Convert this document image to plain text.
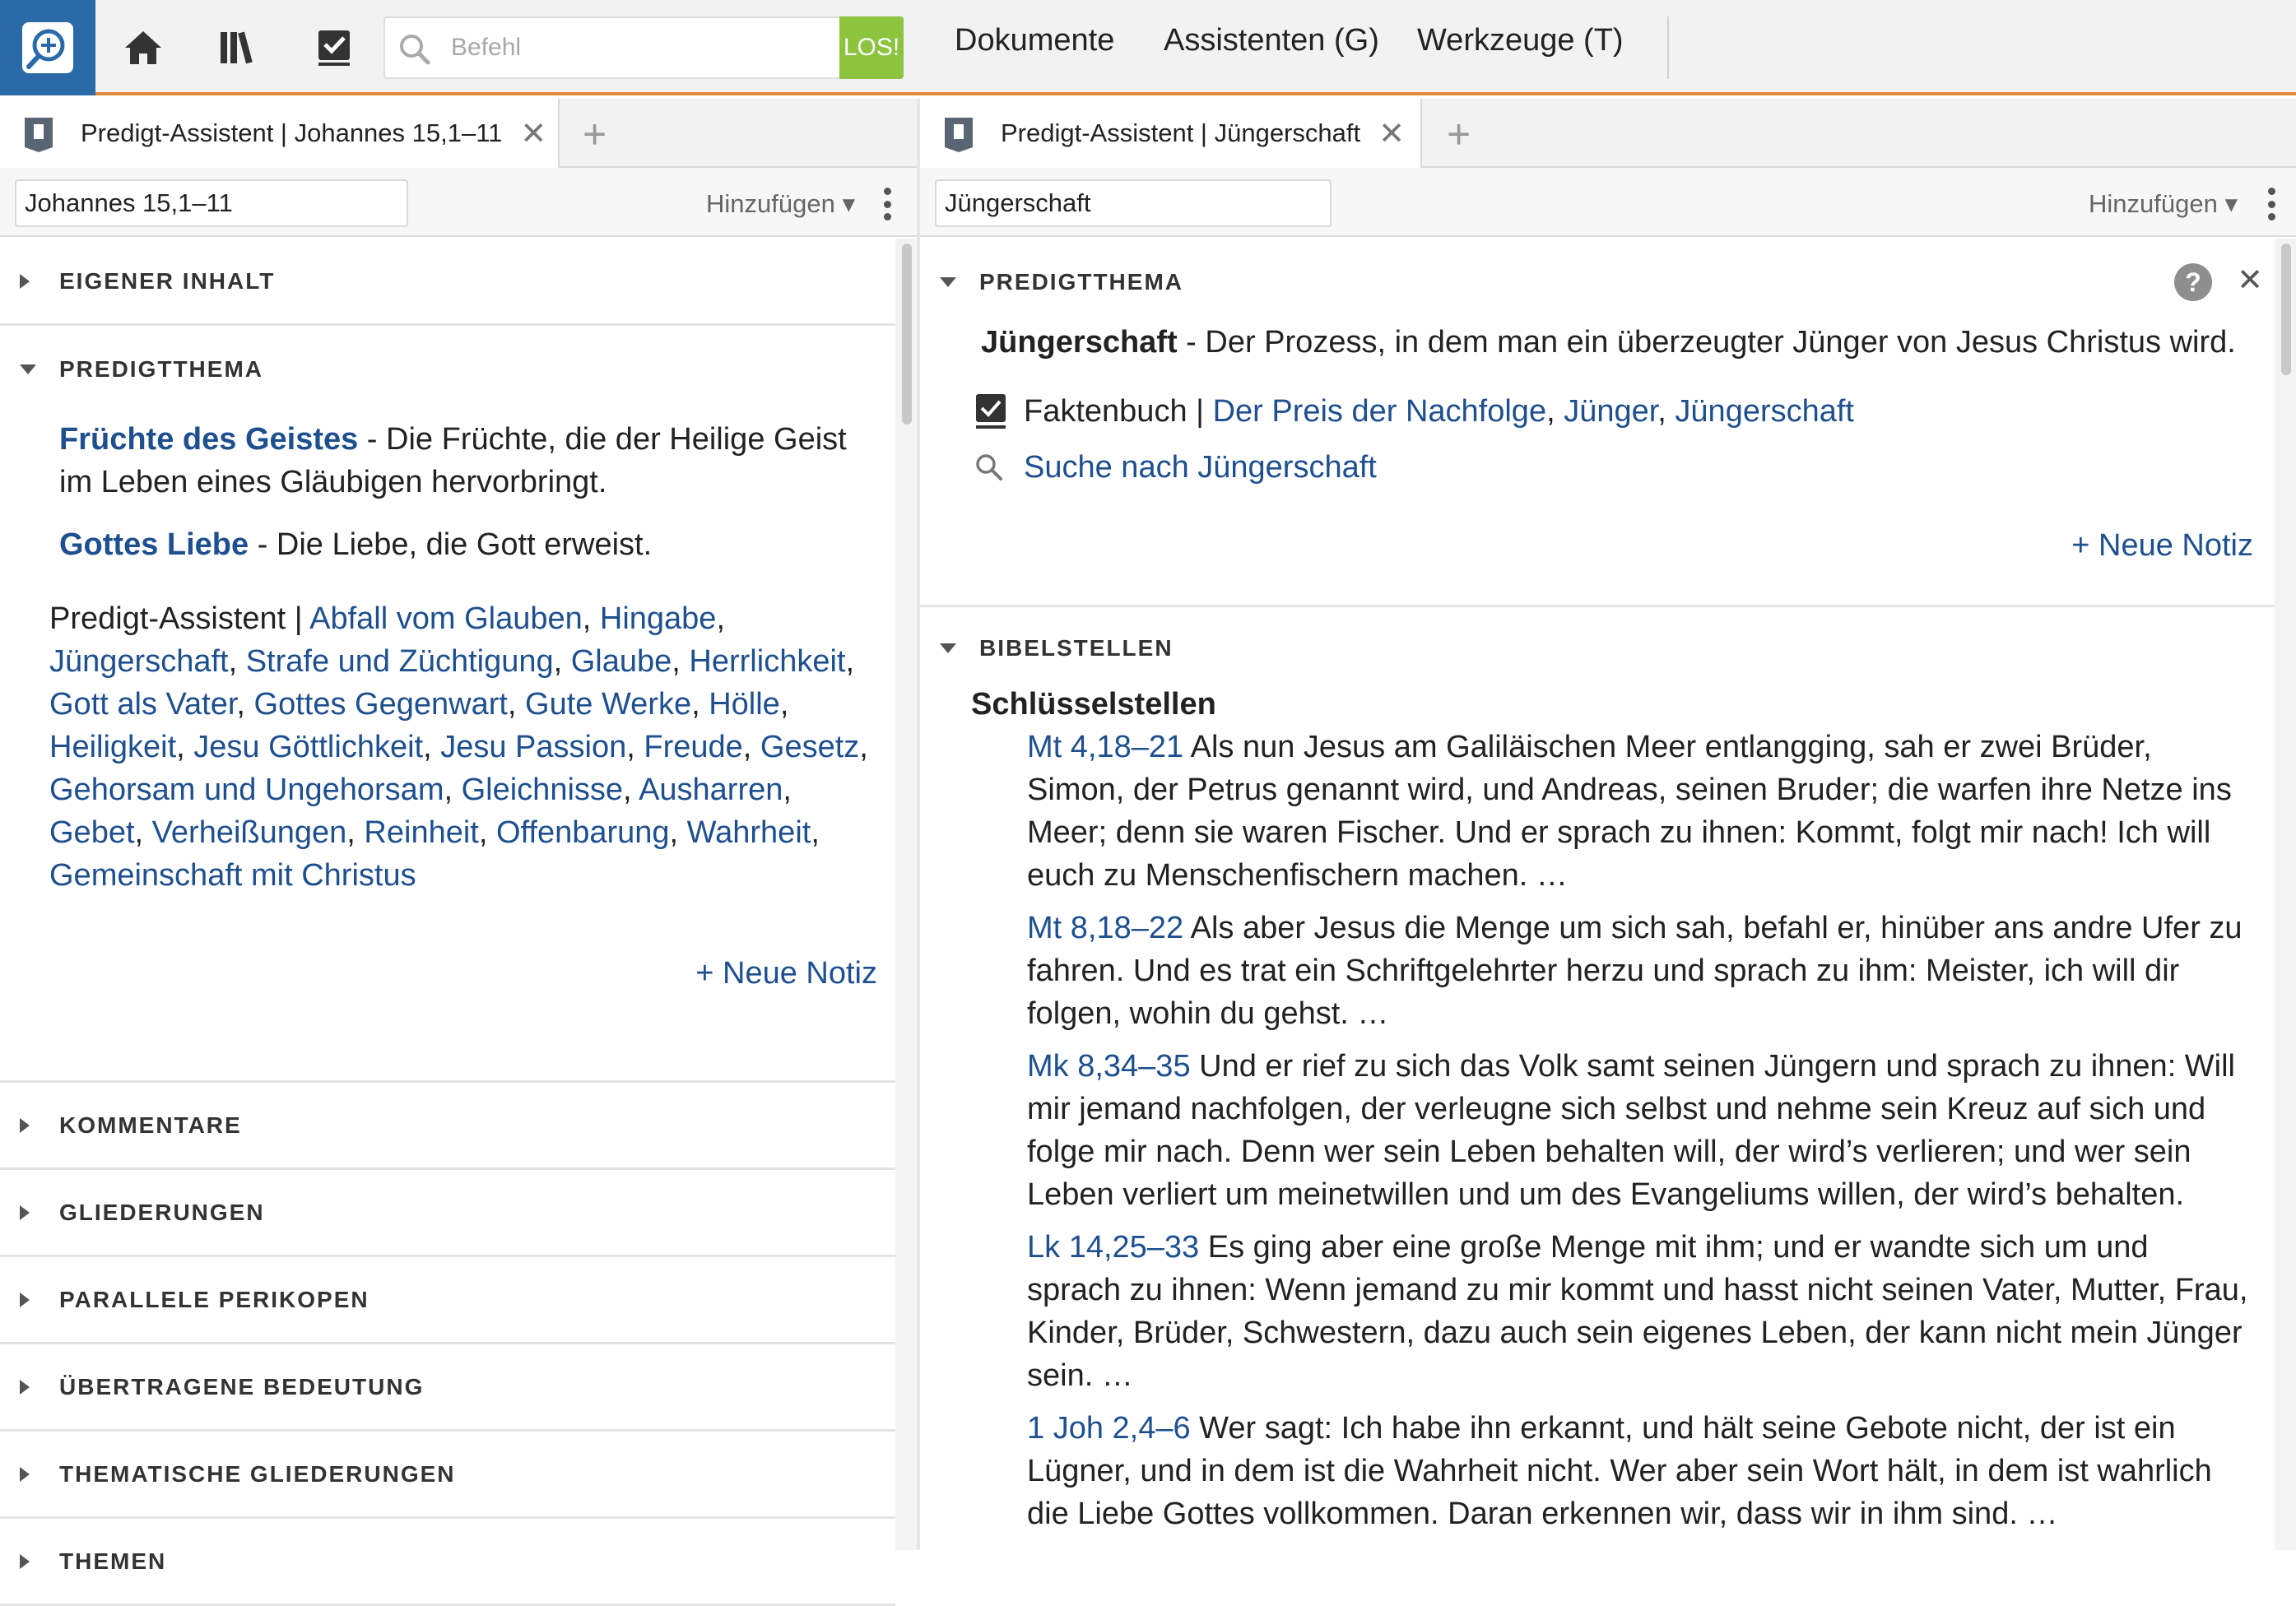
Befehl
LOS! Dokumente Assistenten (G) Werkzeuge (T)
Predigt-Assistent | Johannes 15,1–11 ✕ +
Johannes 15,1–11
Hinzufügen ▾
EIGENER INHALT
PREDIGTTHEMA

Früchte des Geistes - Die Früchte, die der Heilige Geist im Leben eines Gläubigen hervorbringt.

Gottes Liebe - Die Liebe, die Gott erweist.

Predigt-Assistent | Abfall vom Glauben, Hingabe, Jüngerschaft, Strafe und Züchtigung, Glaube, Herrlichkeit, Gott als Vater, Gottes Gegenwart, Gute Werke, Hölle, Heiligkeit, Jesu Göttlichkeit, Jesu Passion, Freude, Gesetz, Gehorsam und Ungehorsam, Gleichnisse, Ausharren, Gebet, Verheißungen, Reinheit, Offenbarung, Wahrheit, Gemeinschaft mit Christus

+ Neue Notiz
KOMMENTARE
GLIEDERUNGEN
PARALLELE PERIKOPEN
ÜBERTRAGENE BEDEUTUNG
THEMATISCHE GLIEDERUNGEN
THEMEN
Predigt-Assistent | Jüngerschaft ✕ +
Jüngerschaft
Hinzufügen ▾
PREDIGTTHEMA	?	✕

Jüngerschaft - Der Prozess, in dem man ein überzeugter Jünger von Jesus Christus wird.

Faktenbuch | Der Preis der Nachfolge, Jünger, Jüngerschaft

Suche nach Jüngerschaft
+ Neue Notiz
BIBELSTELLEN
Schlüsselstellen

Mt 4,18–21 Als nun Jesus am Galiläischen Meer entlangging, sah er zwei Brüder, Simon, der Petrus genannt wird, und Andreas, seinen Bruder; die warfen ihre Netze ins Meer; denn sie waren Fischer. Und er sprach zu ihnen: Kommt, folgt mir nach! Ich will euch zu Menschenfischern machen. …

Mt 8,18–22 Als aber Jesus die Menge um sich sah, befahl er, hinüber ans andre Ufer zu fahren. Und es trat ein Schriftgelehrter herzu und sprach zu ihm: Meister, ich will dir folgen, wohin du gehst. …

Mk 8,34–35 Und er rief zu sich das Volk samt seinen Jüngern und sprach zu ihnen: Will mir jemand nachfolgen, der verleugne sich selbst und nehme sein Kreuz auf sich und folge mir nach. Denn wer sein Leben behalten will, der wird’s verlieren; und wer sein Leben verliert um meinetwillen und um des Evangeliums willen, der wird’s behalten.

Lk 14,25–33 Es ging aber eine große Menge mit ihm; und er wandte sich um und sprach zu ihnen: Wenn jemand zu mir kommt und hasst nicht seinen Vater, Mutter, Frau, Kinder, Brüder, Schwestern, dazu auch sein eigenes Leben, der kann nicht mein Jünger sein. …

1 Joh 2,4–6 Wer sagt: Ich habe ihn erkannt, und hält seine Gebote nicht, der ist ein Lügner, und in dem ist die Wahrheit nicht. Wer aber sein Wort hält, in dem ist wahrlich die Liebe Gottes vollkommen. Daran erkennen wir, dass wir in ihm sind. …
